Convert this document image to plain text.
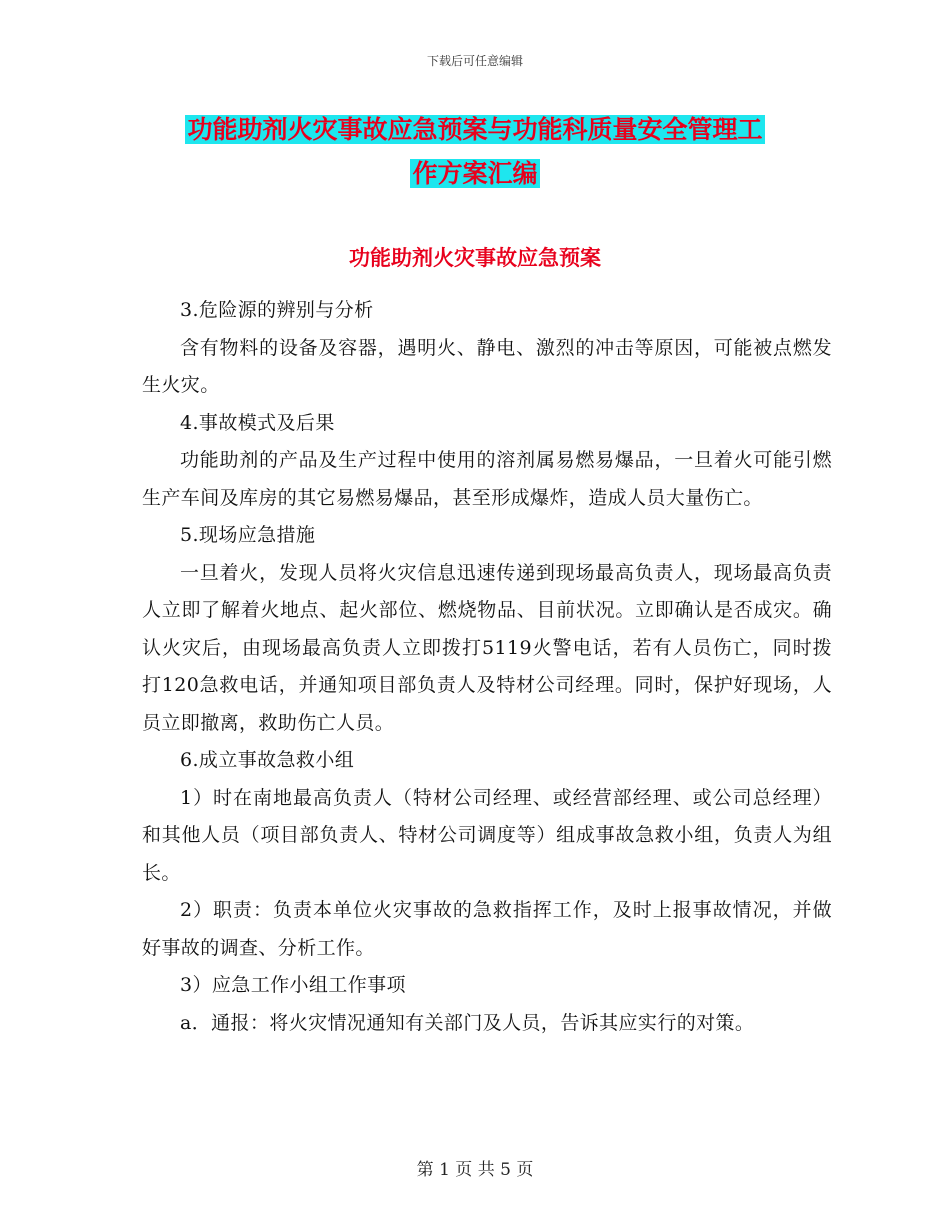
下载后可任意编辑
功能助剂火灾事故应急预案与功能科质量安全管理工
作方案汇编
功能助剂火灾事故应急预案

3.危险源的辨别与分析

含有物料的设备及容器，遇明火、静电、激烈的冲击等原因，可能被点燃发生火灾。

4.事故模式及后果

功能助剂的产品及生产过程中使用的溶剂属易燃易爆品，一旦着火可能引燃生产车间及库房的其它易燃易爆品，甚至形成爆炸，造成人员大量伤亡。

5.现场应急措施

一旦着火，发现人员将火灾信息迅速传递到现场最高负责人，现场最高负责人立即了解着火地点、起火部位、燃烧物品、目前状况。立即确认是否成灾。确认火灾后，由现场最高负责人立即拨打5119火警电话，若有人员伤亡，同时拨打120急救电话，并通知项目部负责人及特材公司经理。同时，保护好现场，人员立即撤离，救助伤亡人员。

6.成立事故急救小组

1）时在南地最高负责人（特材公司经理、或经营部经理、或公司总经理）和其他人员（项目部负责人、特材公司调度等）组成事故急救小组，负责人为组长。

2）职责：负责本单位火灾事故的急救指挥工作，及时上报事故情况，并做好事故的调查、分析工作。

3）应急工作小组工作事项

a．通报：将火灾情况通知有关部门及人员，告诉其应实行的对策。

第 1 页 共 5 页
